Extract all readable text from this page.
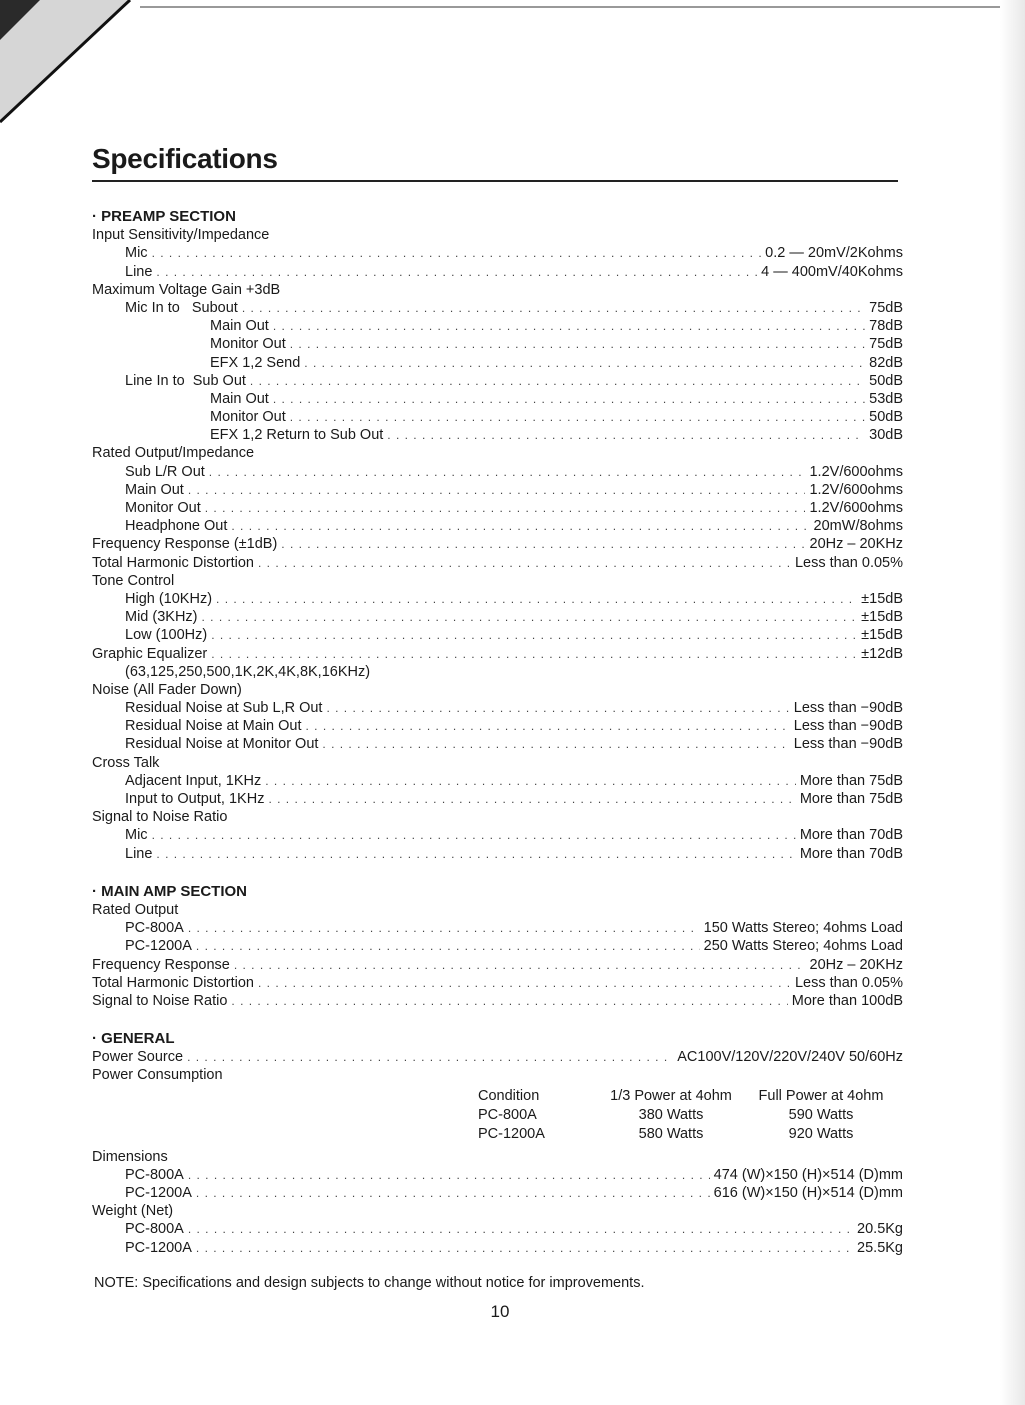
Specifications
· PREAMP SECTION
Input Sensitivity/Impedance
Mic . . .	0.2 — 20mV/2Kohms
Line . . .	4 — 400mV/40Kohms
Maximum Voltage Gain +3dB
Mic In to   Subout . . .	75dB
Main Out . . .	78dB
Monitor Out . . .	75dB
EFX 1,2 Send . . .	82dB
Line In to  Sub Out . . .	50dB
Main Out . . .	53dB
Monitor Out . . .	50dB
EFX 1,2 Return to Sub Out . . .	30dB
Rated Output/Impedance
Sub L/R Out . . .	1.2V/600ohms
Main Out . . .	1.2V/600ohms
Monitor Out . . .	1.2V/600ohms
Headphone Out . . .	20mW/8ohms
Frequency Response (±1dB) . . .	20Hz – 20KHz
Total Harmonic Distortion . . .	Less than 0.05%
Tone Control
High (10KHz) . . .	±15dB
Mid (3KHz) . . .	±15dB
Low (100Hz) . . .	±15dB
Graphic Equalizer . . .	±12dB
(63,125,250,500,1K,2K,4K,8K,16KHz)
Noise (All Fader Down)
Residual Noise at Sub L,R Out . . .	Less than −90dB
Residual Noise at Main Out . . .	Less than −90dB
Residual Noise at Monitor Out . . .	Less than −90dB
Cross Talk
Adjacent Input, 1KHz . . .	More than 75dB
Input to Output, 1KHz . . .	More than 75dB
Signal to Noise Ratio
Mic . . .	More than 70dB
Line . . .	More than 70dB
· MAIN AMP SECTION
Rated Output
PC-800A . . .	150 Watts Stereo; 4ohms Load
PC-1200A . . .	250 Watts Stereo; 4ohms Load
Frequency Response . . .	20Hz – 20KHz
Total Harmonic Distortion . . .	Less than 0.05%
Signal to Noise Ratio . . .	More than 100dB
· GENERAL
Power Source . . .	AC100V/120V/220V/240V 50/60Hz
Power Consumption
Condition	1/3 Power at 4ohm	Full Power at 4ohm
PC-800A	380 Watts	590 Watts
PC-1200A	580 Watts	920 Watts
Dimensions
PC-800A . . .	474 (W)×150 (H)×514 (D)mm
PC-1200A . . .	616 (W)×150 (H)×514 (D)mm
Weight (Net)
PC-800A . . .	20.5Kg
PC-1200A . . .	25.5Kg
NOTE: Specifications and design subjects to change without notice for improvements.
10
